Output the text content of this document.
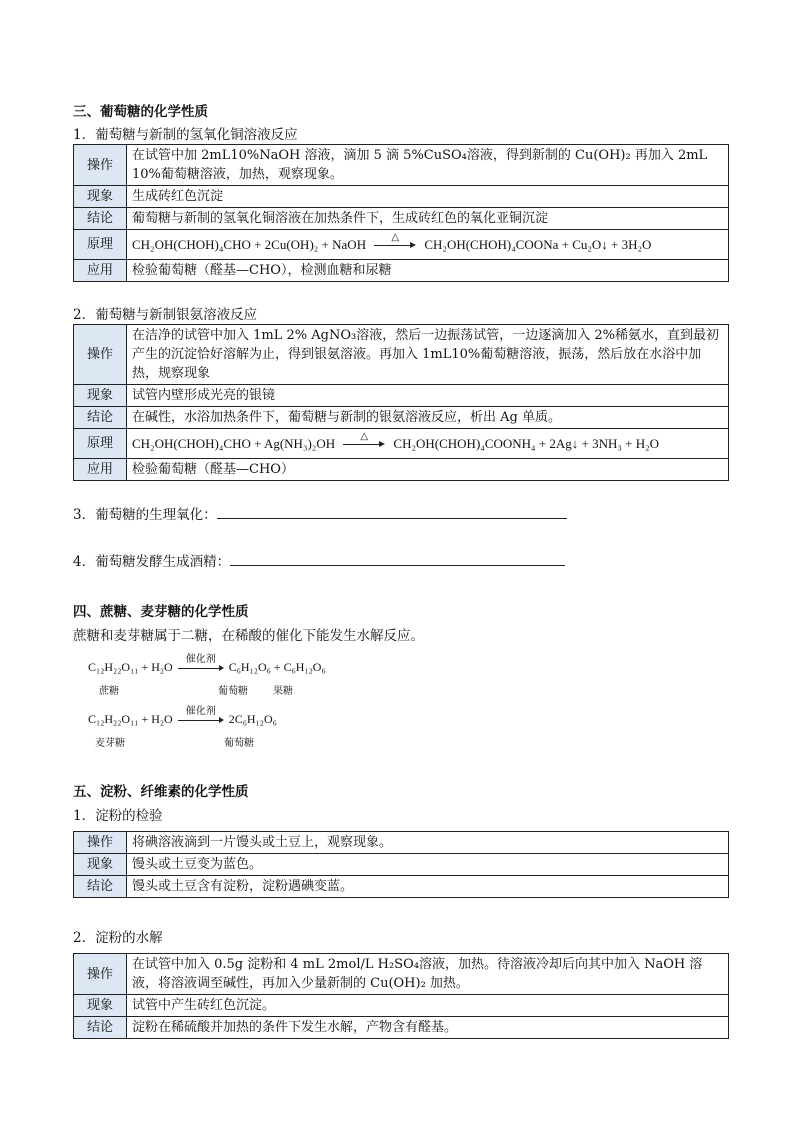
三、葡萄糖的化学性质
1．葡萄糖与新制的氢氧化铜溶液反应
操作	在试管中加 2mL10%NaOH 溶液，滴加 5 滴 5%CuSO₄溶液，得到新制的 Cu(OH)₂ 再加入 2mL 10%葡萄糖溶液，加热，观察现象。
现象	生成砖红色沉淀
结论	葡萄糖与新制的氢氧化铜溶液在加热条件下，生成砖红色的氧化亚铜沉淀
原理	CH₂OH(CHOH)₄CHO + 2Cu(OH)₂ + NaOH △ CH₂OH(CHOH)₄COONa + Cu₂O↓ + 3H₂O
应用	检验葡萄糖（醛基—CHO），检测血糖和尿糖
2．葡萄糖与新制银氨溶液反应
操作	在洁净的试管中加入 1mL 2% AgNO₃溶液，然后一边振荡试管，一边逐滴加入 2%稀氨水，直到最初产生的沉淀恰好溶解为止，得到银氨溶液。再加入 1mL10%葡萄糖溶液，振荡，然后放在水浴中加热，规察现象
现象	试管内壁形成光亮的银镜
结论	在碱性，水浴加热条件下，葡萄糖与新制的银氨溶液反应，析出 Ag 单质。
原理	CH₂OH(CHOH)₄CHO + Ag(NH₃)₂OH △ CH₂OH(CHOH)₄COONH₄ + 2Ag↓ + 3NH₃ + H₂O
应用	检验葡萄糖（醛基—CHO）
3．葡萄糖的生理氧化：
4．葡萄糖发酵生成酒精：
四、蔗糖、麦芽糖的化学性质
蔗糖和麦芽糖属于二糖，在稀酸的催化下能发生水解反应。
C₁₂H₂₂O₁₁ + H₂O
催化剂
C₆H₁₂O₆ + C₆H₁₂O₆
蔗糖	葡萄糖	果糖
C₁₂H₂₂O₁₁ + H₂O
催化剂
2C₆H₁₂O₆
麦芽糖	葡萄糖
五、淀粉、纤维素的化学性质
1．淀粉的检验
操作	将碘溶液滴到一片馒头或土豆上，观察现象。
现象	馒头或土豆变为蓝色。
结论	馒头或土豆含有淀粉，淀粉遇碘变蓝。
2．淀粉的水解
操作	在试管中加入 0.5g 淀粉和 4 mL 2mol/L H₂SO₄溶液，加热。待溶液冷却后向其中加入 NaOH 溶液，将溶液调至碱性，再加入少量新制的 Cu(OH)₂ 加热。
现象	试管中产生砖红色沉淀。
结论	淀粉在稀硫酸并加热的条件下发生水解，产物含有醛基。
